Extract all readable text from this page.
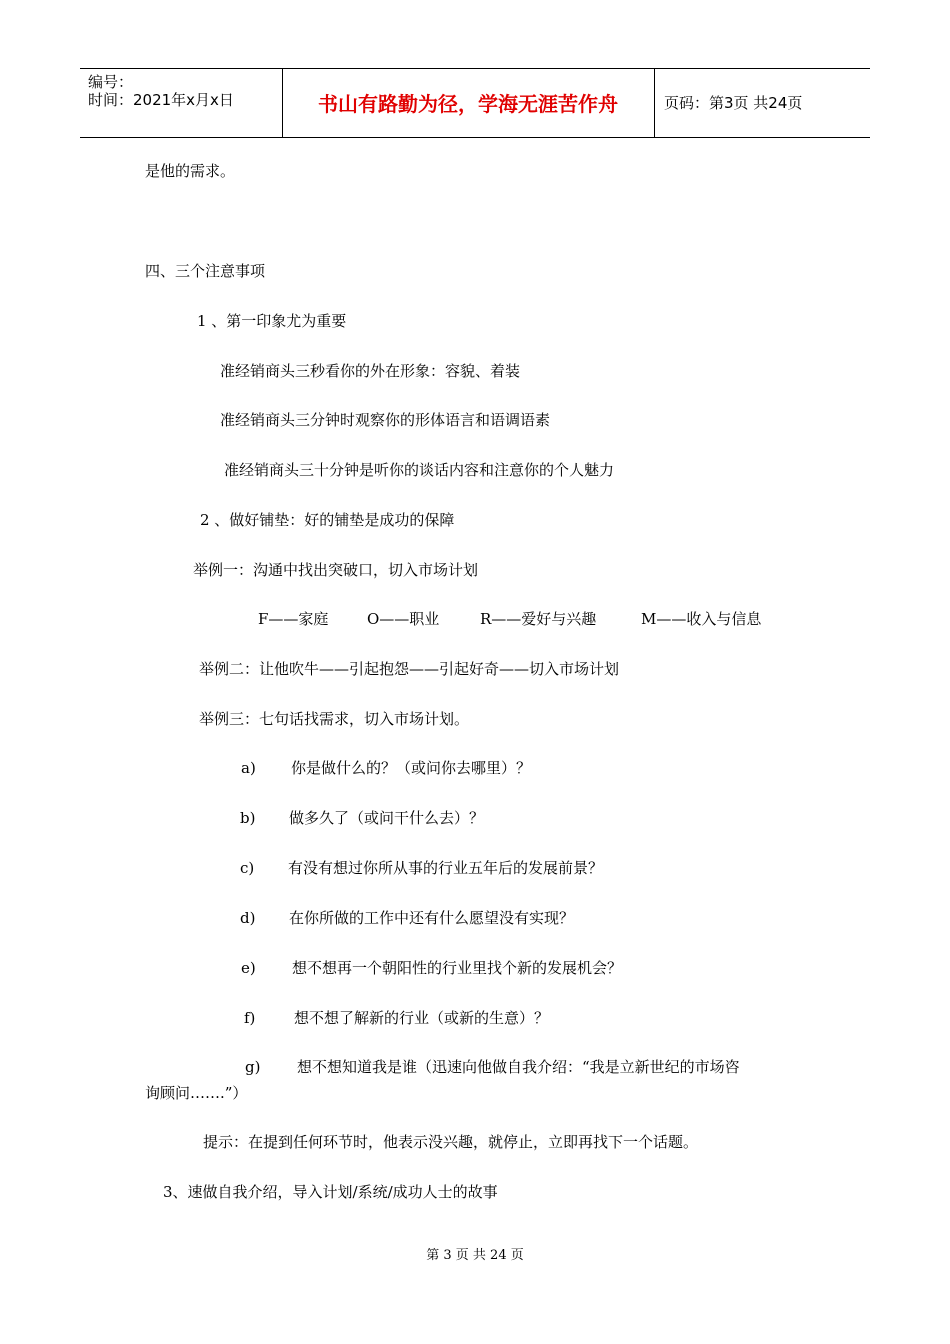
编号：
时间：2021年x月x日	书山有路勤为径，学海无涯苦作舟	页码：第3页 共24页
是他的需求。
四、三个注意事项
1 、第一印象尤为重要
准经销商头三秒看你的外在形象：容貌、着装
准经销商头三分钟时观察你的形体语言和语调语素
准经销商头三十分钟是听你的谈话内容和注意你的个人魅力
2 、做好铺垫：好的铺垫是成功的保障
举例一：沟通中找出突破口，切入市场计划
F——家庭	O——职业	R——爱好与兴趣	M——收入与信息
举例二：让他吹牛——引起抱怨——引起好奇——切入市场计划
举例三：七句话找需求，切入市场计划。
a) 你是做什么的？（或问你去哪里）？
b) 做多久了（或问干什么去）？
c) 有没有想过你所从事的行业五年后的发展前景？
d) 在你所做的工作中还有什么愿望没有实现？
e) 想不想再一个朝阳性的行业里找个新的发展机会？
f)	想不想了解新的行业（或新的生意）？
g) 想不想知道我是谁（迅速向他做自我介绍：“我是立新世纪的市场咨
询顾问…….”）
提示：在提到任何环节时，他表示没兴趣，就停止，立即再找下一个话题。
3、速做自我介绍，导入计划/系统/成功人士的故事
第 3 页 共 24 页
